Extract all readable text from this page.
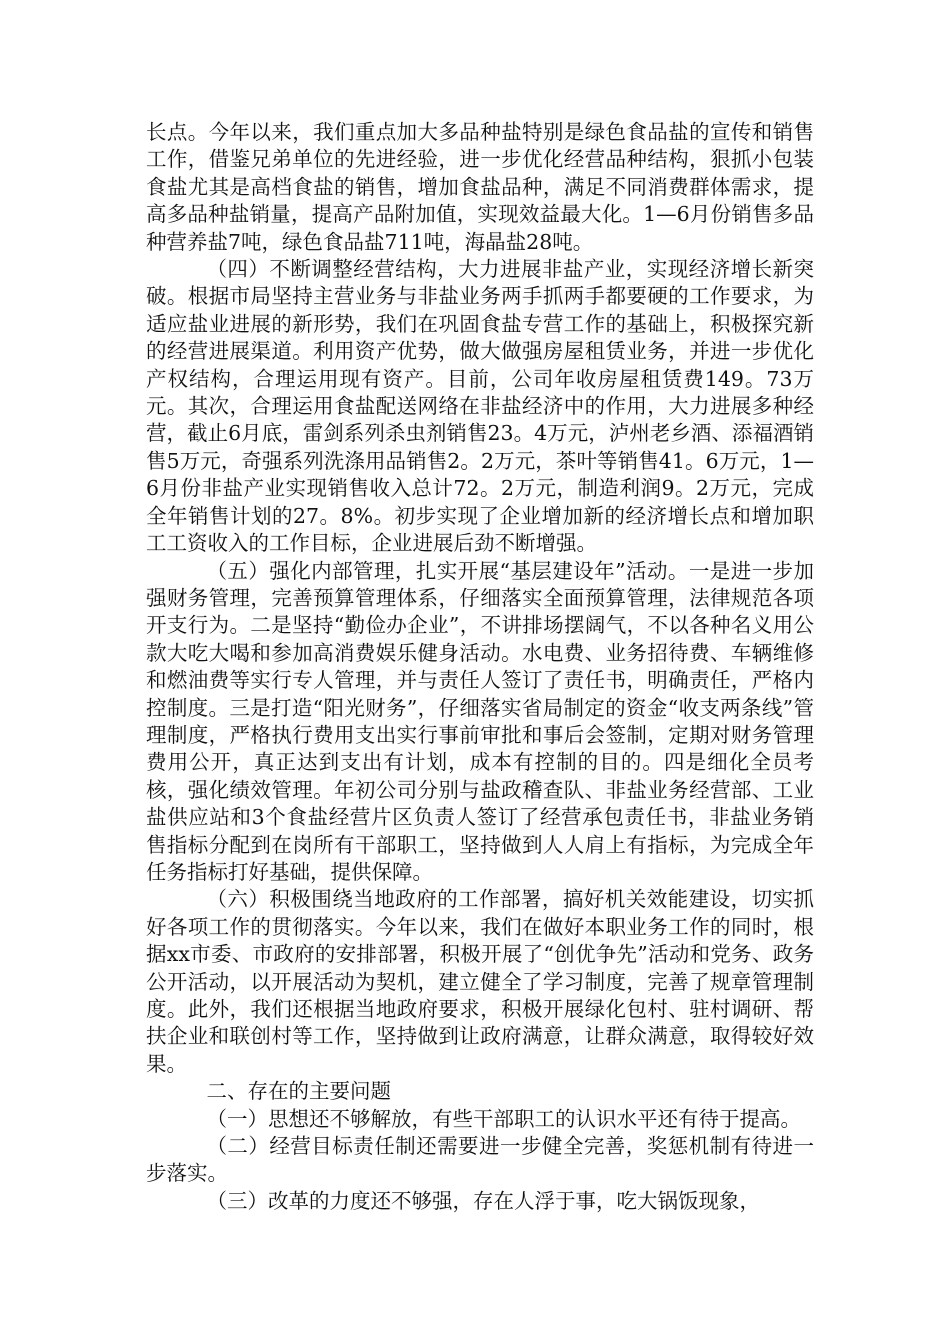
长点。今年以来，我们重点加大多品种盐特别是绿色食品盐的宣传和销售工作，借鉴兄弟单位的先进经验，进一步优化经营品种结构，狠抓小包装食盐尤其是高档食盐的销售，增加食盐品种，满足不同消费群体需求，提高多品种盐销量，提高产品附加值，实现效益最大化。1—6月份销售多品种营养盐7吨，绿色食品盐711吨，海晶盐28吨。

（四）不断调整经营结构，大力进展非盐产业，实现经济增长新突破。根据市局坚持主营业务与非盐业务两手抓两手都要硬的工作要求，为适应盐业进展的新形势，我们在巩固食盐专营工作的基础上，积极探究新的经营进展渠道。利用资产优势，做大做强房屋租赁业务，并进一步优化产权结构，合理运用现有资产。目前，公司年收房屋租赁费149。73万元。其次，合理运用食盐配送网络在非盐经济中的作用，大力进展多种经营，截止6月底，雷剑系列杀虫剂销售23。4万元，泸州老乡酒、添福酒销售5万元，奇强系列洗涤用品销售2。2万元，茶叶等销售41。6万元，1—6月份非盐产业实现销售收入总计72。2万元，制造利润9。2万元，完成全年销售计划的27。8%。初步实现了企业增加新的经济增长点和增加职工工资收入的工作目标，企业进展后劲不断增强。

（五）强化内部管理，扎实开展“基层建设年”活动。一是进一步加强财务管理，完善预算管理体系，仔细落实全面预算管理，法律规范各项开支行为。二是坚持“勤俭办企业”，不讲排场摆阔气，不以各种名义用公款大吃大喝和参加高消费娱乐健身活动。水电费、业务招待费、车辆维修和燃油费等实行专人管理，并与责任人签订了责任书，明确责任，严格内控制度。三是打造“阳光财务”，仔细落实省局制定的资金“收支两条线”管理制度，严格执行费用支出实行事前审批和事后会签制，定期对财务管理费用公开，真正达到支出有计划，成本有控制的目的。四是细化全员考核，强化绩效管理。年初公司分别与盐政稽查队、非盐业务经营部、工业盐供应站和3个食盐经营片区负责人签订了经营承包责任书，非盐业务销售指标分配到在岗所有干部职工，坚持做到人人肩上有指标，为完成全年任务指标打好基础，提供保障。

（六）积极围绕当地政府的工作部署，搞好机关效能建设，切实抓好各项工作的贯彻落实。今年以来，我们在做好本职业务工作的同时，根据xx市委、市政府的安排部署，积极开展了“创优争先”活动和党务、政务公开活动，以开展活动为契机，建立健全了学习制度，完善了规章管理制度。此外，我们还根据当地政府要求，积极开展绿化包村、驻村调研、帮扶企业和联创村等工作，坚持做到让政府满意，让群众满意，取得较好效果。

二、存在的主要问题

（一）思想还不够解放，有些干部职工的认识水平还有待于提高。

（二）经营目标责任制还需要进一步健全完善，奖惩机制有待进一步落实。

（三）改革的力度还不够强，存在人浮于事，吃大锅饭现象，
